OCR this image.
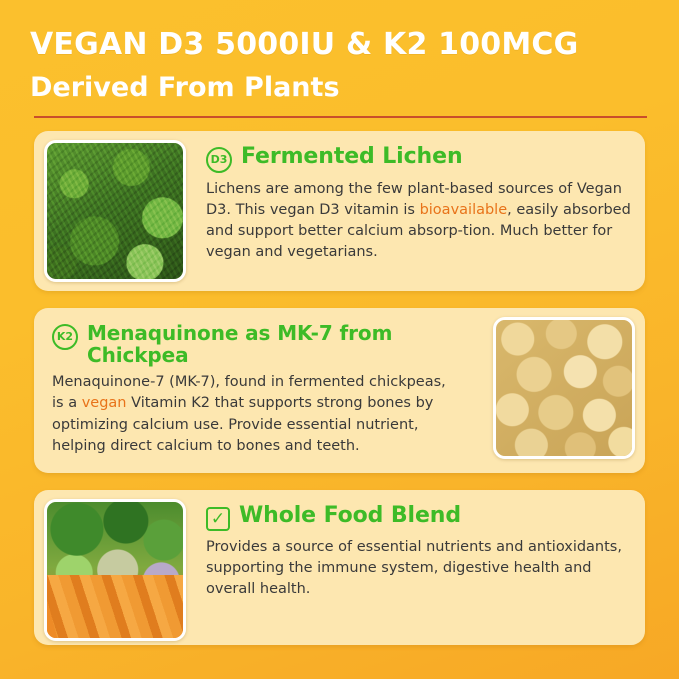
VEGAN D3 5000IU & K2 100MCG
Derived From Plants
D3 Fermented Lichen

Lichens are among the few plant-based sources of Vegan D3. This vegan D3 vitamin is bioavailable, easily absorbed and support better calcium absorp-tion. Much better for vegan and vegetarians.

K2 Menaquinone as MK-7 from Chickpea

Menaquinone-7 (MK-7), found in fermented chickpeas, is a vegan Vitamin K2 that supports strong bones by optimizing calcium use. Provide essential nutrient, helping direct calcium to bones and teeth.

✓ Whole Food Blend

Provides a source of essential nutrients and antioxidants, supporting the immune system, digestive health and overall health.
